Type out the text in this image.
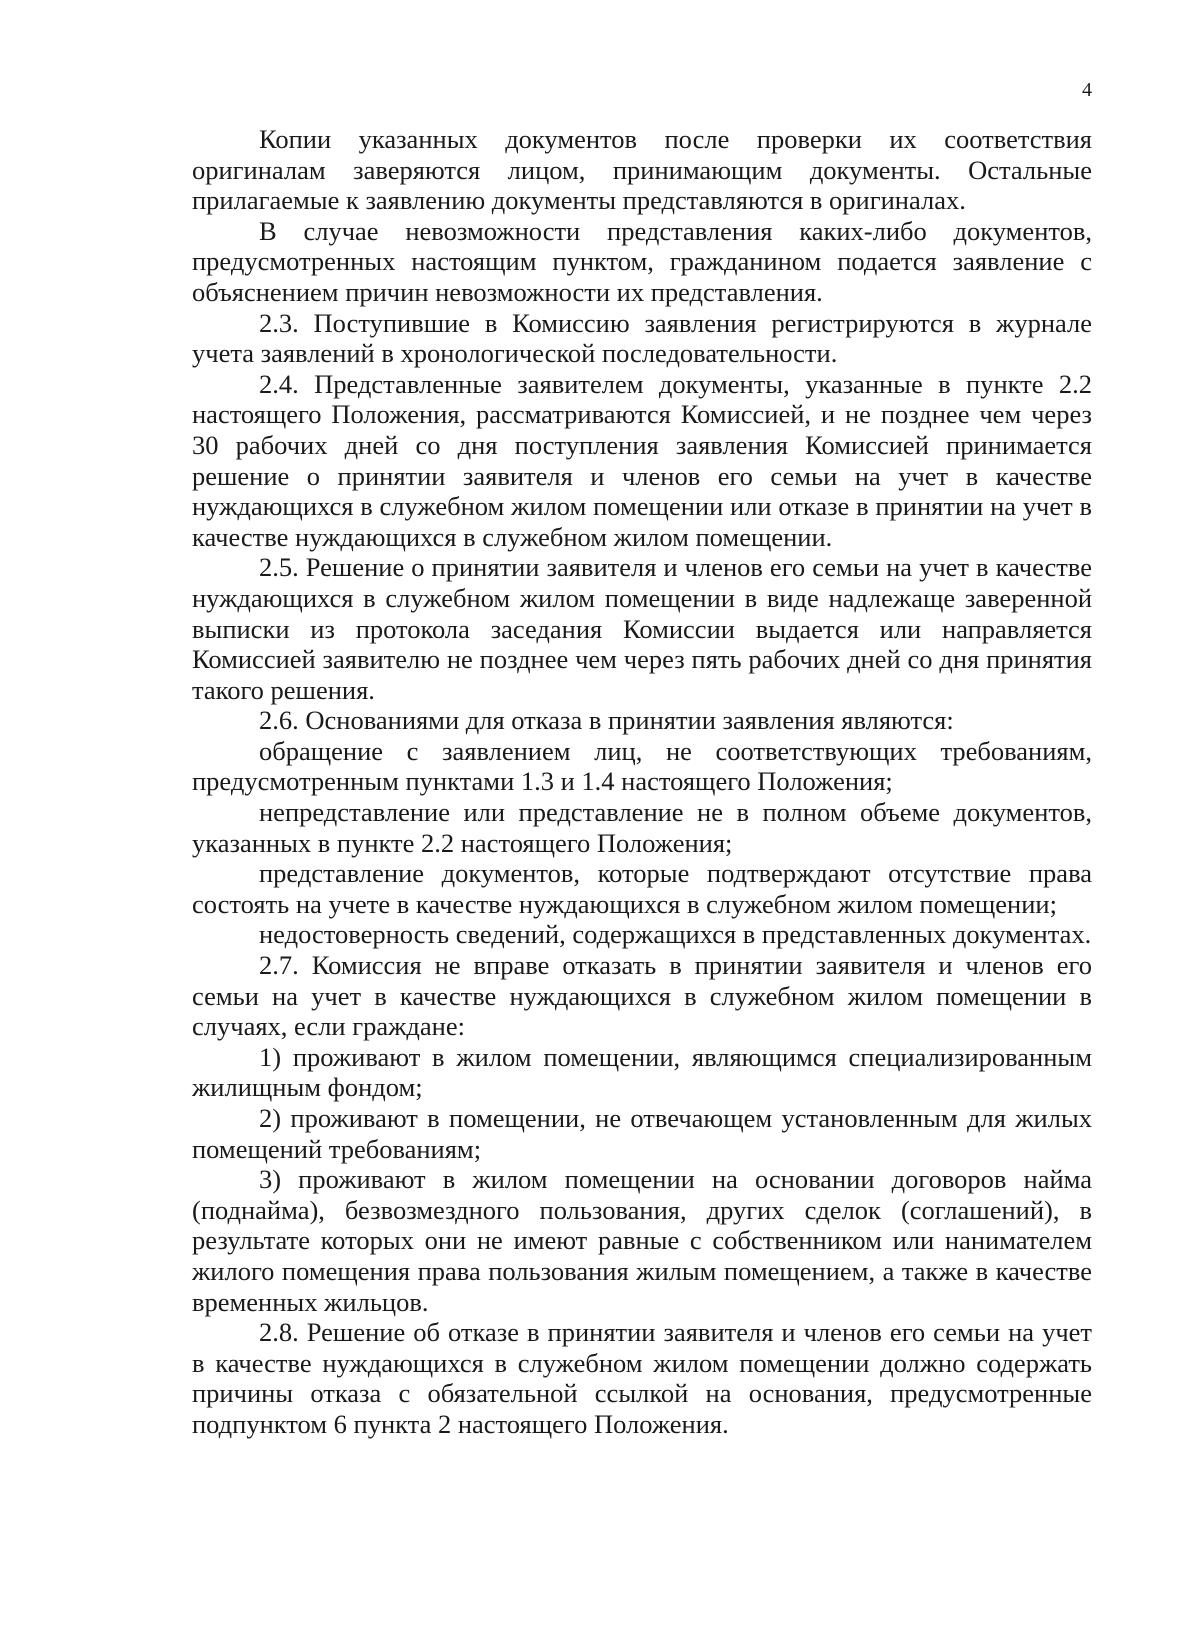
4

Копии указанных документов после проверки их соответствия оригиналам заверяются лицом, принимающим документы. Остальные прилагаемые к заявлению документы представляются в оригиналах.

В случае невозможности представления каких-либо документов, предусмотренных настоящим пунктом, гражданином подается заявление с объяснением причин невозможности их представления.

2.3. Поступившие в Комиссию заявления регистрируются в журнале учета заявлений в хронологической последовательности.

2.4. Представленные заявителем документы, указанные в пункте 2.2 настоящего Положения, рассматриваются Комиссией, и не позднее чем через 30 рабочих дней со дня поступления заявления Комиссией принимается решение о принятии заявителя и членов его семьи на учет в качестве нуждающихся в служебном жилом помещении или отказе в принятии на учет в качестве нуждающихся в служебном жилом помещении.

2.5. Решение о принятии заявителя и членов его семьи на учет в качестве нуждающихся в служебном жилом помещении в виде надлежаще заверенной выписки из протокола заседания Комиссии выдается или направляется Комиссией заявителю не позднее чем через пять рабочих дней со дня принятия такого решения.

2.6. Основаниями для отказа в принятии заявления являются:

обращение с заявлением лиц, не соответствующих требованиям, предусмотренным пунктами 1.3 и 1.4 настоящего Положения;

непредставление или представление не в полном объеме документов, указанных в пункте 2.2 настоящего Положения;

представление документов, которые подтверждают отсутствие права состоять на учете в качестве нуждающихся в служебном жилом помещении;

недостоверность сведений, содержащихся в представленных документах.

2.7. Комиссия не вправе отказать в принятии заявителя и членов его семьи на учет в качестве нуждающихся в служебном жилом помещении в случаях, если граждане:

1) проживают в жилом помещении, являющимся специализированным жилищным фондом;

2) проживают в помещении, не отвечающем установленным для жилых помещений требованиям;

3) проживают в жилом помещении на основании договоров найма (поднайма), безвозмездного пользования, других сделок (соглашений), в результате которых они не имеют равные с собственником или нанимателем жилого помещения права пользования жилым помещением, а также в качестве временных жильцов.

2.8. Решение об отказе в принятии заявителя и членов его семьи на учет в качестве нуждающихся в служебном жилом помещении должно содержать причины отказа с обязательной ссылкой на основания, предусмотренные подпунктом 6 пункта 2 настоящего Положения.
